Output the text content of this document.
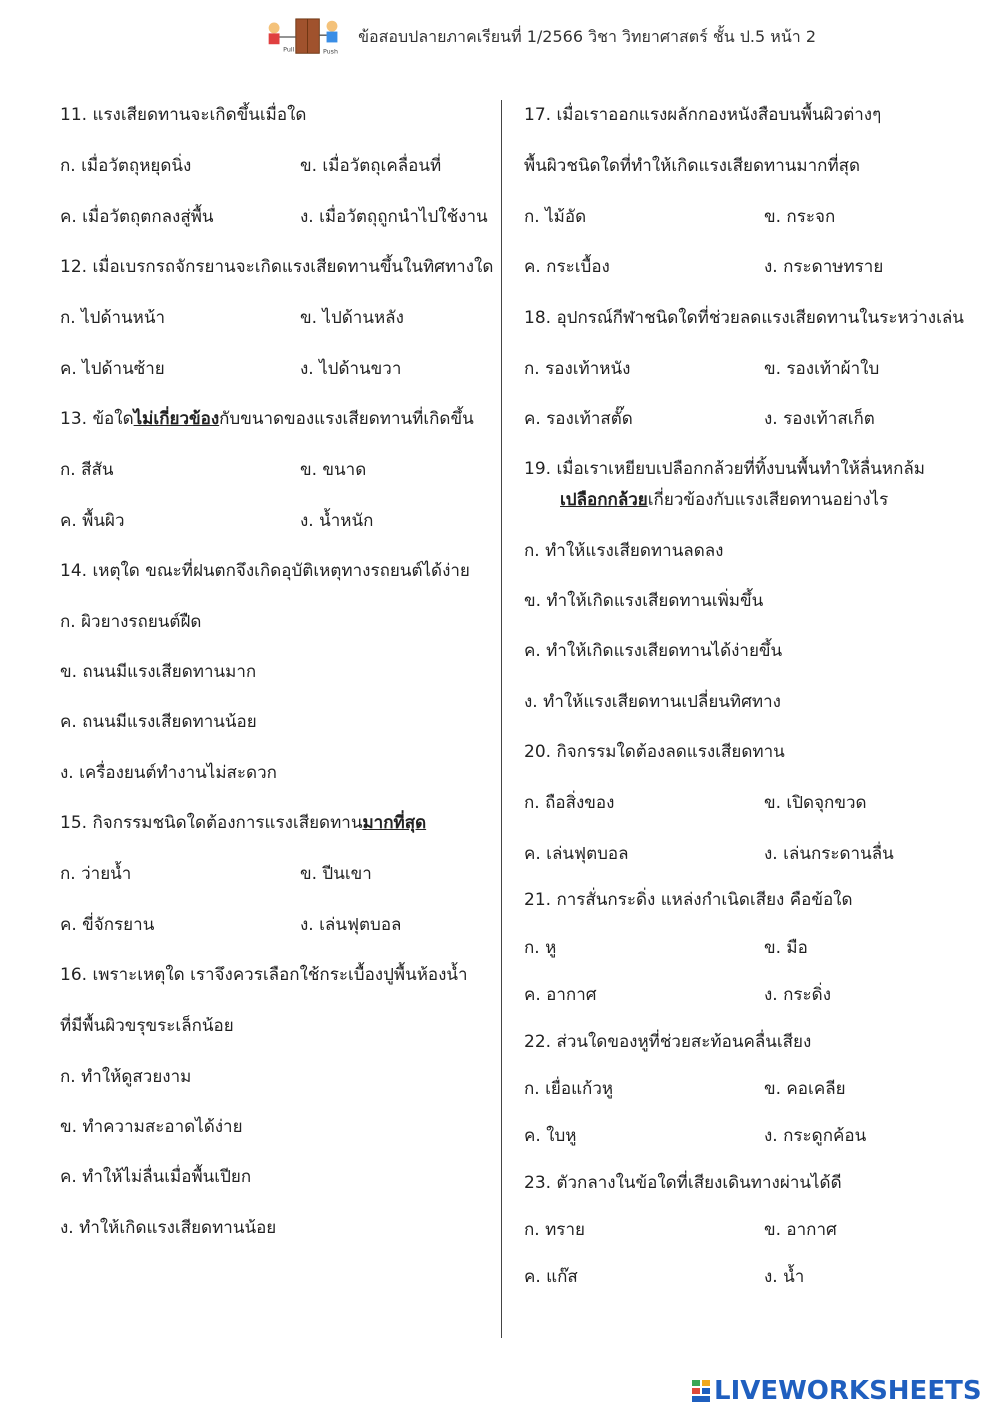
Pull	Push
ข้อสอบปลายภาคเรียนที่ 1/2566 วิชา วิทยาศาสตร์ ชั้น ป.5 หน้า 2
11. แรงเสียดทานจะเกิดขึ้นเมื่อใด
ก. เมื่อวัตถุหยุดนิ่ง	ข. เมื่อวัตถุเคลื่อนที่
ค. เมื่อวัตถุตกลงสู่พื้น	ง. เมื่อวัตถุถูกนำไปใช้งาน
12. เมื่อเบรกรถจักรยานจะเกิดแรงเสียดทานขึ้นในทิศทางใด
ก. ไปด้านหน้า	ข. ไปด้านหลัง
ค. ไปด้านซ้าย	ง. ไปด้านขวา
13. ข้อใดไม่เกี่ยวข้องกับขนาดของแรงเสียดทานที่เกิดขึ้น
ก. สีสัน	ข. ขนาด
ค. พื้นผิว	ง. น้ำหนัก
14. เหตุใด ขณะที่ฝนตกจึงเกิดอุบัติเหตุทางรถยนต์ได้ง่าย
ก. ผิวยางรถยนต์ฝืด
ข. ถนนมีแรงเสียดทานมาก
ค. ถนนมีแรงเสียดทานน้อย
ง. เครื่องยนต์ทำงานไม่สะดวก
15. กิจกรรมชนิดใดต้องการแรงเสียดทานมากที่สุด
ก. ว่ายน้ำ	ข. ปีนเขา
ค. ขี่จักรยาน	ง. เล่นฟุตบอล
16. เพราะเหตุใด เราจึงควรเลือกใช้กระเบื้องปูพื้นห้องน้ำ
ที่มีพื้นผิวขรุขระเล็กน้อย
ก. ทำให้ดูสวยงาม
ข. ทำความสะอาดได้ง่าย
ค. ทำให้ไม่ลื่นเมื่อพื้นเปียก
ง. ทำให้เกิดแรงเสียดทานน้อย
17. เมื่อเราออกแรงผลักกองหนังสือบนพื้นผิวต่างๆ
พื้นผิวชนิดใดที่ทำให้เกิดแรงเสียดทานมากที่สุด
ก. ไม้อัด	ข. กระจก
ค. กระเบื้อง	ง. กระดาษทราย
18. อุปกรณ์กีฬาชนิดใดที่ช่วยลดแรงเสียดทานในระหว่างเล่น
ก. รองเท้าหนัง	ข. รองเท้าผ้าใบ
ค. รองเท้าสตั๊ด	ง. รองเท้าสเก็ต
19. เมื่อเราเหยียบเปลือกกล้วยที่ทิ้งบนพื้นทำให้ลื่นหกล้ม
เปลือกกล้วยเกี่ยวข้องกับแรงเสียดทานอย่างไร
ก. ทำให้แรงเสียดทานลดลง
ข. ทำให้เกิดแรงเสียดทานเพิ่มขึ้น
ค. ทำให้เกิดแรงเสียดทานได้ง่ายขึ้น
ง. ทำให้แรงเสียดทานเปลี่ยนทิศทาง
20. กิจกรรมใดต้องลดแรงเสียดทาน
ก. ถือสิ่งของ	ข. เปิดจุกขวด
ค. เล่นฟุตบอล	ง. เล่นกระดานลื่น
21. การสั่นกระดิ่ง แหล่งกำเนิดเสียง คือข้อใด
ก. หู	ข. มือ
ค. อากาศ	ง. กระดิ่ง
22. ส่วนใดของหูที่ช่วยสะท้อนคลื่นเสียง
ก. เยื่อแก้วหู	ข. คอเคลีย
ค. ใบหู	ง. กระดูกค้อน
23. ตัวกลางในข้อใดที่เสียงเดินทางผ่านได้ดี
ก. ทราย	ข. อากาศ
ค. แก๊ส	ง. น้ำ
LIVEWORKSHEETS
